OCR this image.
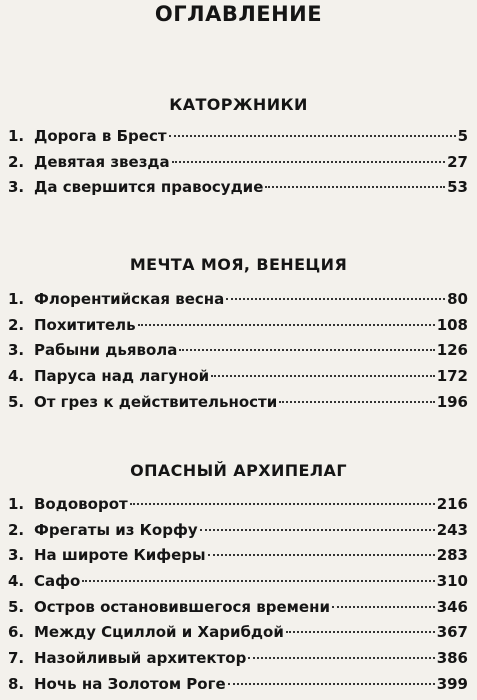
ОГЛАВЛЕНИЕ
КАТОРЖНИКИ
1. Дорога в Брест	5
2. Девятая звезда	27
3. Да свершится правосудие	53
МЕЧТА МОЯ, ВЕНЕЦИЯ
1. Флорентийская весна	80
2. Похититель	108
3. Рабыни дьявола	126
4. Паруса над лагуной	172
5. От грез к действительности	196
ОПАСНЫЙ АРХИПЕЛАГ
1. Водоворот	216
2. Фрегаты из Корфу	243
3. На широте Киферы	283
4. Сафо	310
5. Остров остановившегося времени	346
6. Между Сциллой и Харибдой	367
7. Назойливый архитектор	386
8. Ночь на Золотом Роге	399
